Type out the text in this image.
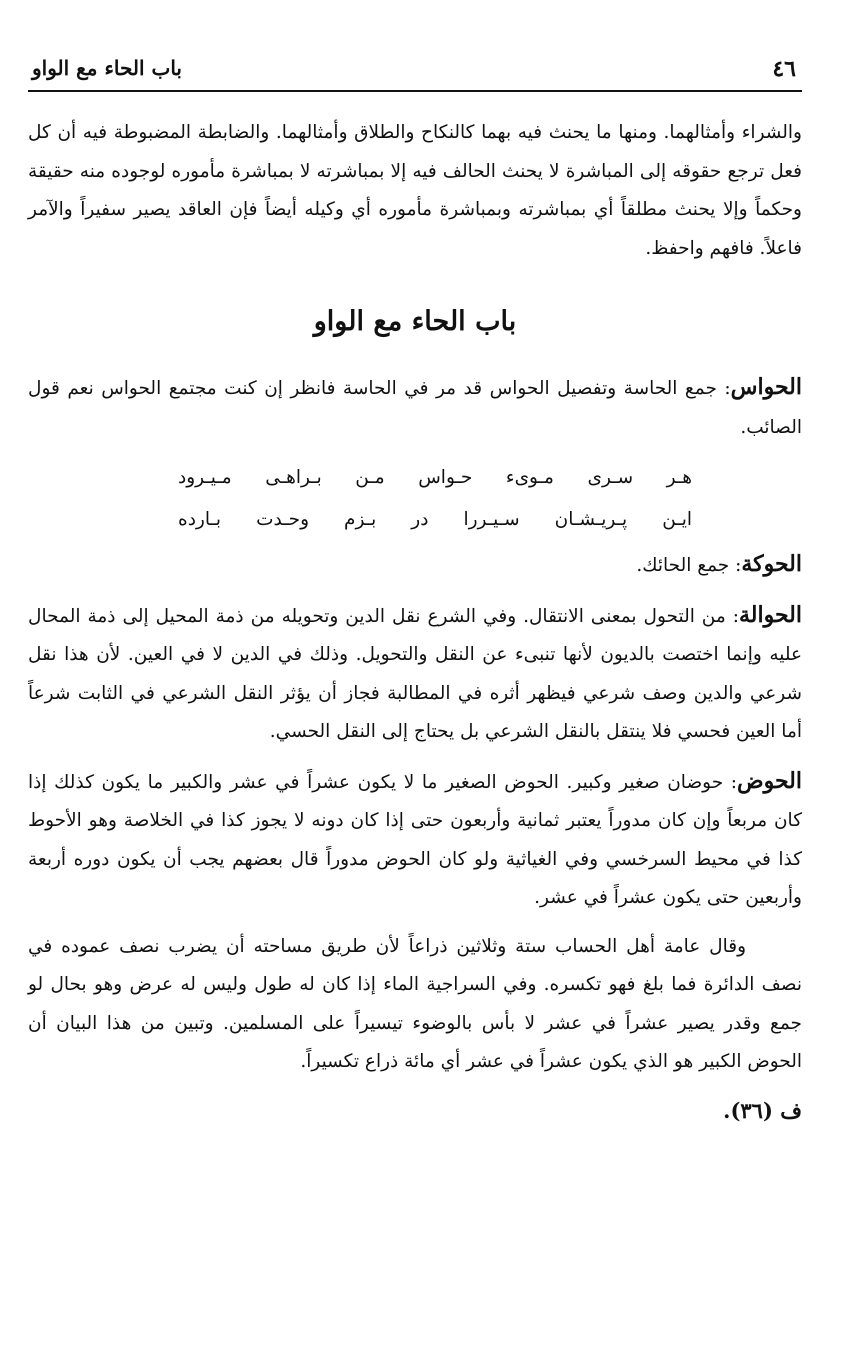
٤٦
باب الحاء مع الواو

والشراء وأمثالهما. ومنها ما يحنث فيه بهما كالنكاح والطلاق وأمثالهما. والضابطة المضبوطة فيه أن كل فعل ترجع حقوقه إلى المباشرة لا يحنث الحالف فيه إلا بمباشرته لا بمباشرة مأموره لوجوده منه حقيقة وحكماً وإلا يحنث مطلقاً أي بمباشرته وبمباشرة مأموره أي وكيله أيضاً فإن العاقد يصير سفيراً والآمر فاعلاً. فافهم واحفظ.

باب الحاء مع الواو

الحواس: جمع الحاسة وتفصيل الحواس قد مر في الحاسة فانظر إن كنت مجتمع الحواس نعم قول الصائب.

هـر سـرى مـوىء حـواس مـن بـراهـى مـيـرود
ايـن پـريـشـان سـيـررا در بـزم وحـدت بـارده

الحوكة: جمع الحائك.

الحوالة: من التحول بمعنى الانتقال. وفي الشرع نقل الدين وتحويله من ذمة المحيل إلى ذمة المحال عليه وإنما اختصت بالديون لأنها تنبىء عن النقل والتحويل. وذلك في الدين لا في العين. لأن هذا نقل شرعي والدين وصف شرعي فيظهر أثره في المطالبة فجاز أن يؤثر النقل الشرعي في الثابت شرعاً أما العين فحسي فلا ينتقل بالنقل الشرعي بل يحتاج إلى النقل الحسي.

الحوض: حوضان صغير وكبير. الحوض الصغير ما لا يكون عشراً في عشر والكبير ما يكون كذلك إذا كان مربعاً وإن كان مدوراً يعتبر ثمانية وأربعون حتى إذا كان دونه لا يجوز كذا في الخلاصة وهو الأحوط كذا في محيط السرخسي وفي الغياثية ولو كان الحوض مدوراً قال بعضهم يجب أن يكون دوره أربعة وأربعين حتى يكون عشراً في عشر.

وقال عامة أهل الحساب ستة وثلاثين ذراعاً لأن طريق مساحته أن يضرب نصف عموده في نصف الدائرة فما بلغ فهو تكسره. وفي السراجية الماء إذا كان له طول وليس له عرض وهو بحال لو جمع وقدر يصير عشراً في عشر لا بأس بالوضوء تيسيراً على المسلمين. وتبين من هذا البيان أن الحوض الكبير هو الذي يكون عشراً في عشر أي مائة ذراع تكسيراً.

ف (٣٦).
